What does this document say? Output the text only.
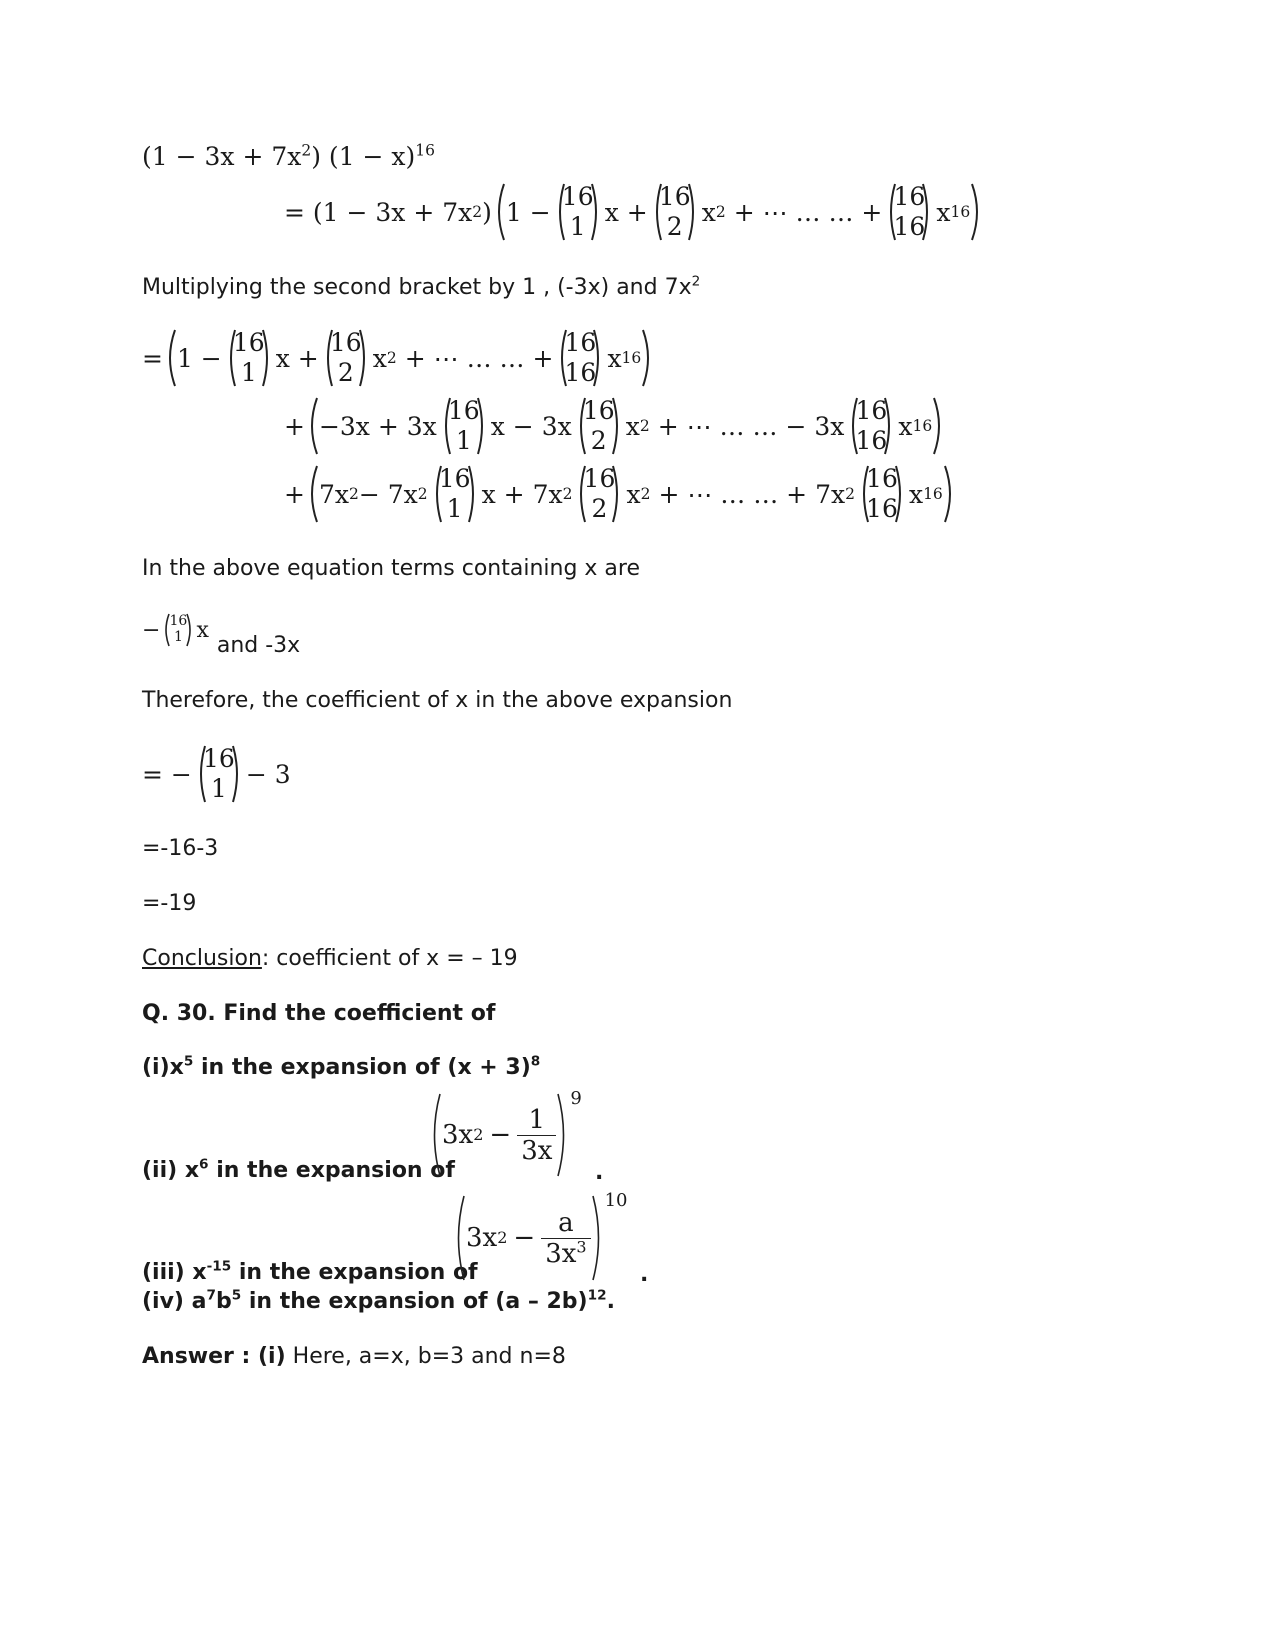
$(1 - 3x + 7x^2)$ $(1 - x)^{16}$
= (1 − 3x + 7x 2 ) 1 −
16
1 x +
16
2 x 2 + ⋯ … … +
16
16 x 16
Multiplying the second bracket by 1 , (-3x) and $7x^2$
= 1 −
16
1 x +
16
2 x 2 + ⋯ … … +
16
16 x 16
+ −3x + 3x
16
1 x − 3x
16
2 x 2 + ⋯ … … − 3x
16
16 x 16
+ 7x 2 − 7x 2
16
1 x + 7x 2
16
2 x 2 + ⋯ … … + 7x 2
16
16 x 16
In the above equation terms containing x are
− 16
1 x
and -3x
Therefore, the coefficient of x in the above expansion
= −
16
1 − 3
=-16-3
=-19
Conclusion: coefficient of x = – 19
Q. 30. Find the coefficient of
$(i)x^5$ in the expansion of $(x + 3)^8$
(ii) $x^6$ in the expansion of
3x $2 - \frac{1}{3x}$
9
.
(iii) $x^{-15}$ in the expansion of
3x $2 - \frac{a}{3x^3}$
10
.
(iv) $a^7b^5$ in the expansion of (a – 2b)$^{12}$.
Answer : (i) Here, a=x, b=3 and n=8
